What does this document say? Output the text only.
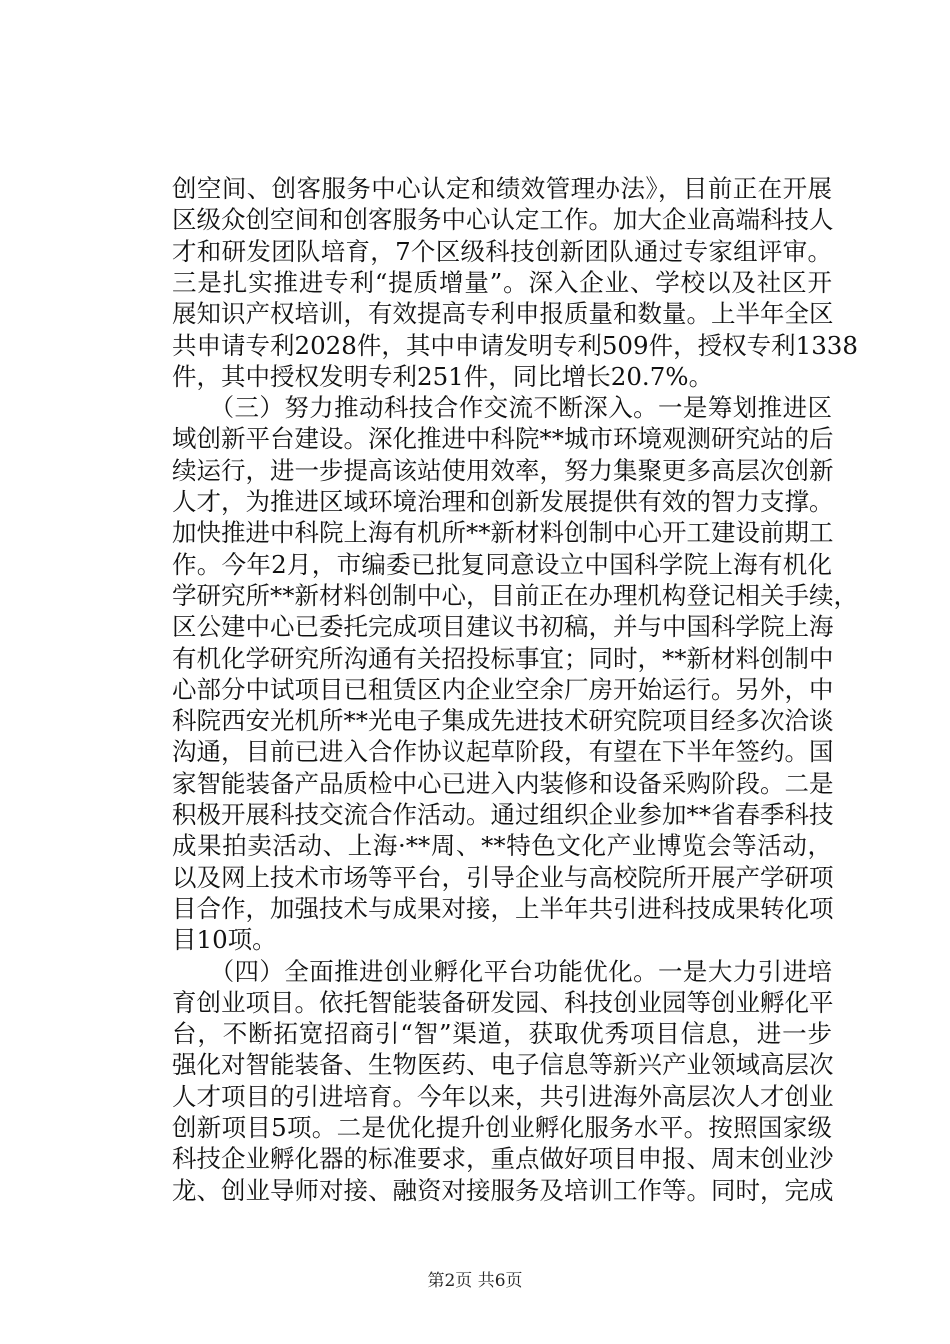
创空间、创客服务中心认定和绩效管理办法》，目前正在开展
区级众创空间和创客服务中心认定工作。加大企业高端科技人
才和研发团队培育，7个区级科技创新团队通过专家组评审。
三是扎实推进专利“提质增量”。深入企业、学校以及社区开
展知识产权培训，有效提高专利申报质量和数量。上半年全区
共申请专利2028件，其中申请发明专利509件，授权专利1338
件，其中授权发明专利251件，同比增长20.7%。
　　（三）努力推动科技合作交流不断深入。一是筹划推进区
域创新平台建设。深化推进中科院**城市环境观测研究站的后
续运行，进一步提高该站使用效率，努力集聚更多高层次创新
人才，为推进区域环境治理和创新发展提供有效的智力支撑。
加快推进中科院上海有机所**新材料创制中心开工建设前期工
作。今年2月，市编委已批复同意设立中国科学院上海有机化
学研究所**新材料创制中心，目前正在办理机构登记相关手续，
区公建中心已委托完成项目建议书初稿，并与中国科学院上海
有机化学研究所沟通有关招投标事宜；同时，**新材料创制中
心部分中试项目已租赁区内企业空余厂房开始运行。另外，中
科院西安光机所**光电子集成先进技术研究院项目经多次洽谈
沟通，目前已进入合作协议起草阶段，有望在下半年签约。国
家智能装备产品质检中心已进入内装修和设备采购阶段。二是
积极开展科技交流合作活动。通过组织企业参加**省春季科技
成果拍卖活动、上海·**周、**特色文化产业博览会等活动，
以及网上技术市场等平台，引导企业与高校院所开展产学研项
目合作，加强技术与成果对接，上半年共引进科技成果转化项
目10项。
　　（四）全面推进创业孵化平台功能优化。一是大力引进培
育创业项目。依托智能装备研发园、科技创业园等创业孵化平
台，不断拓宽招商引“智”渠道，获取优秀项目信息，进一步
强化对智能装备、生物医药、电子信息等新兴产业领域高层次
人才项目的引进培育。今年以来，共引进海外高层次人才创业
创新项目5项。二是优化提升创业孵化服务水平。按照国家级
科技企业孵化器的标准要求，重点做好项目申报、周末创业沙
龙、创业导师对接、融资对接服务及培训工作等。同时，完成
第2页 共6页
